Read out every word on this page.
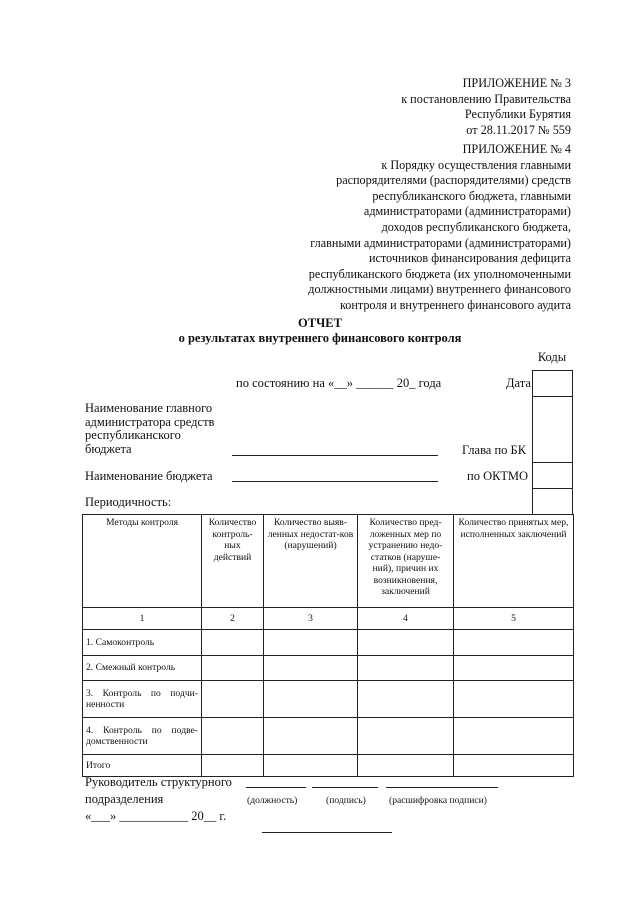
ПРИЛОЖЕНИЕ № 3
к постановлению Правительства
Республики Бурятия
от 28.11.2017 № 559
ПРИЛОЖЕНИЕ № 4
к Порядку осуществления главными
распорядителями (распорядителями) средств
республиканского бюджета, главными
администраторами (администраторами)
доходов республиканского бюджета,
главными администраторами (администраторами)
источников финансирования дефицита
республиканского бюджета (их уполномоченными
должностными лицами) внутреннего финансового
контроля и внутреннего финансового аудита
ОТЧЕТ
о результатах внутреннего финансового контроля
Коды
по состоянию на «__» ______ 20_ года	Дата
Наименование главного
администратора средств
республиканского
бюджета	Глава по БК
Наименование бюджета	по ОКТМО
Периодичность:
Методы контроля	Количество контроль-ных действий	Количество выяв-ленных недостат-ков (нарушений)	Количество пред-ложенных мер по устранению недо-статков (наруше-ний), причин их возникновения, заключений	Количество принятых мер, исполненных заключений
1	2	3	4	5
1. Самоконтроль				
2. Смежный контроль				
3. Контроль по подчи-ненности				
4. Контроль по подве-домственности				
Итого				
Руководитель структурного
подразделения	(должность)	(подпись) (расшифровка подписи)
«___» ___________ 20__ г.
